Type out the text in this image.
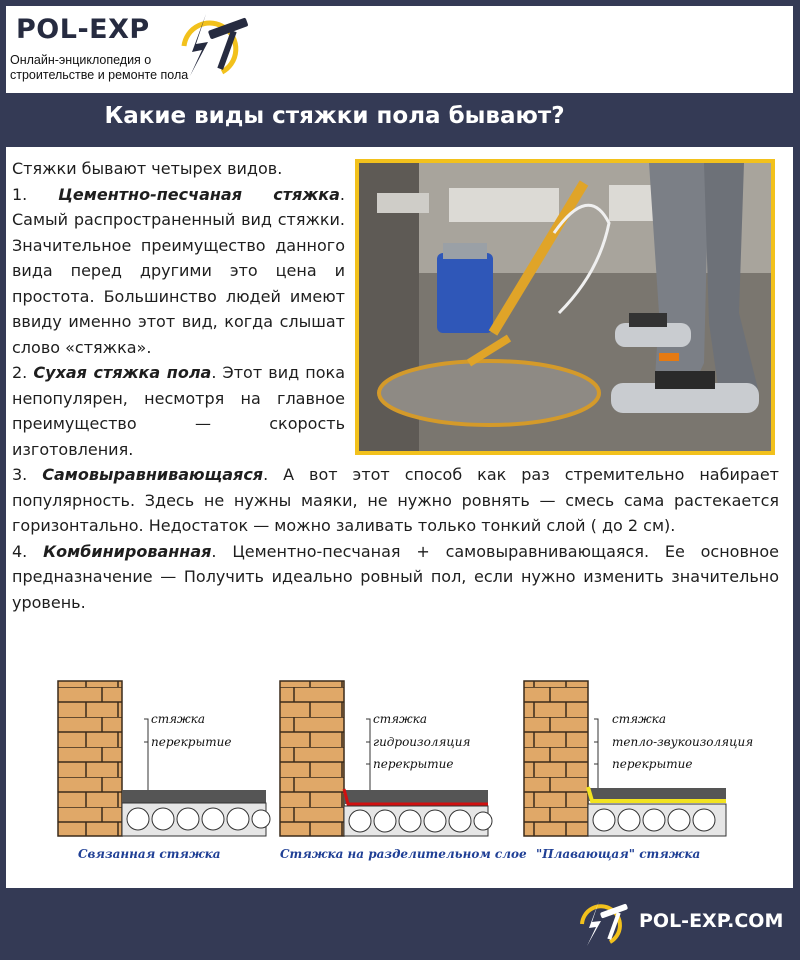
POL-EXP
Онлайн-энциклопедия о строительстве и ремонте пола
Какие виды стяжки пола бывают?

Стяжки бывают четырех видов.

1. Цементно-песчаная стяжка. Самый распространенный вид стяжки. Значительное преимущество данного вида перед другими это цена и простота. Большинство людей имеют ввиду именно этот вид, когда слышат слово «стяжка».

2. Сухая стяжка пола. Этот вид пока непопулярен, несмотря на главное преимущество — скорость изготовления.

3. Самовыравнивающаяся. А вот этот способ как раз стремительно набирает популярность. Здесь не нужны маяки, не нужно ровнять — смесь сама растекается горизонтально. Недостаток — можно заливать только тонкий слой ( до 2 см).

4. Комбинированная. Цементно-песчаная + самовыравнивающаяся. Ее основное предназначение — Получить идеально ровный пол, если нужно изменить значительно уровень.

стяжка
перекрытие
Связанная стяжка
стяжка
гидроизоляция
перекрытие
Стяжка на разделительном слое
стяжка
тепло-звукоизоляция
перекрытие
"Плавающая" стяжка
POL-EXP.COM
